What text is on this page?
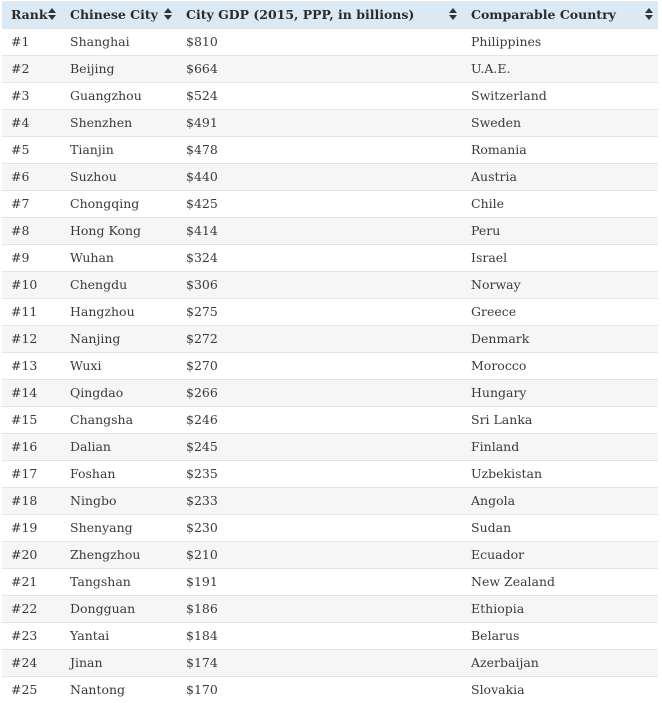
Rank	Chinese City	City GDP (2015, PPP, in billions)	Comparable Country

#1	Shanghai	$810	Philippines
#2	Beijing	$664	U.A.E.
#3	Guangzhou	$524	Switzerland
#4	Shenzhen	$491	Sweden
#5	Tianjin	$478	Romania
#6	Suzhou	$440	Austria
#7	Chongqing	$425	Chile
#8	Hong Kong	$414	Peru
#9	Wuhan	$324	Israel
#10	Chengdu	$306	Norway
#11	Hangzhou	$275	Greece
#12	Nanjing	$272	Denmark
#13	Wuxi	$270	Morocco
#14	Qingdao	$266	Hungary
#15	Changsha	$246	Sri Lanka
#16	Dalian	$245	Finland
#17	Foshan	$235	Uzbekistan
#18	Ningbo	$233	Angola
#19	Shenyang	$230	Sudan
#20	Zhengzhou	$210	Ecuador
#21	Tangshan	$191	New Zealand
#22	Dongguan	$186	Ethiopia
#23	Yantai	$184	Belarus
#24	Jinan	$174	Azerbaijan
#25	Nantong	$170	Slovakia
